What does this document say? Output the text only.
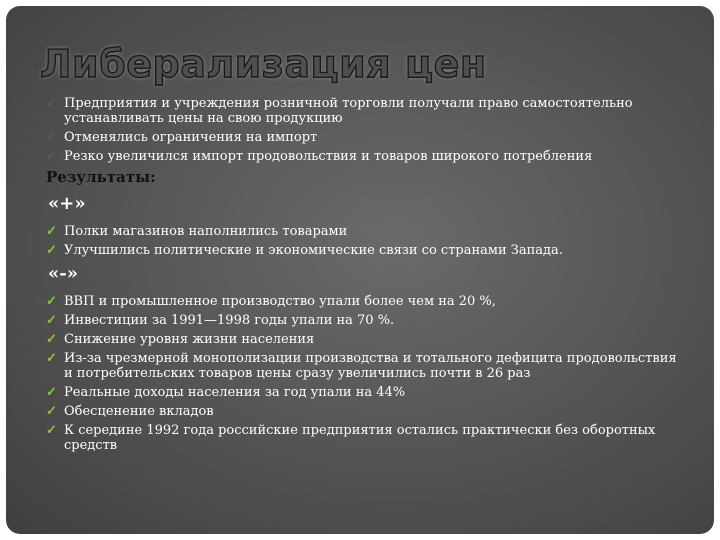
Либерализация цен
✔ Предприятия и учреждения розничной торговли получали право самостоятельно устанавливать цены на свою продукцию
✔ Отменялись ограничения на импорт
✔ Резко увеличился импорт продовольствия и товаров широкого потребления
Результаты:
«+»
✓ Полки магазинов наполнились товарами
✓ Улучшились политические и экономические связи со странами Запада.
«-»
✓ ВВП и промышленное производство упали более чем на 20 %,
✓ Инвестиции за 1991—1998 годы упали на 70 %.
✓ Снижение уровня жизни населения
✓ Из-за чрезмерной монополизации производства и тотального дефицита продовольствия и потребительских товаров цены сразу увеличились почти в 26 раз
✓ Реальные доходы населения за год упали на 44%
✓ Обесценение вкладов
✓ К середине 1992 года российские предприятия остались практически без оборотных средств
